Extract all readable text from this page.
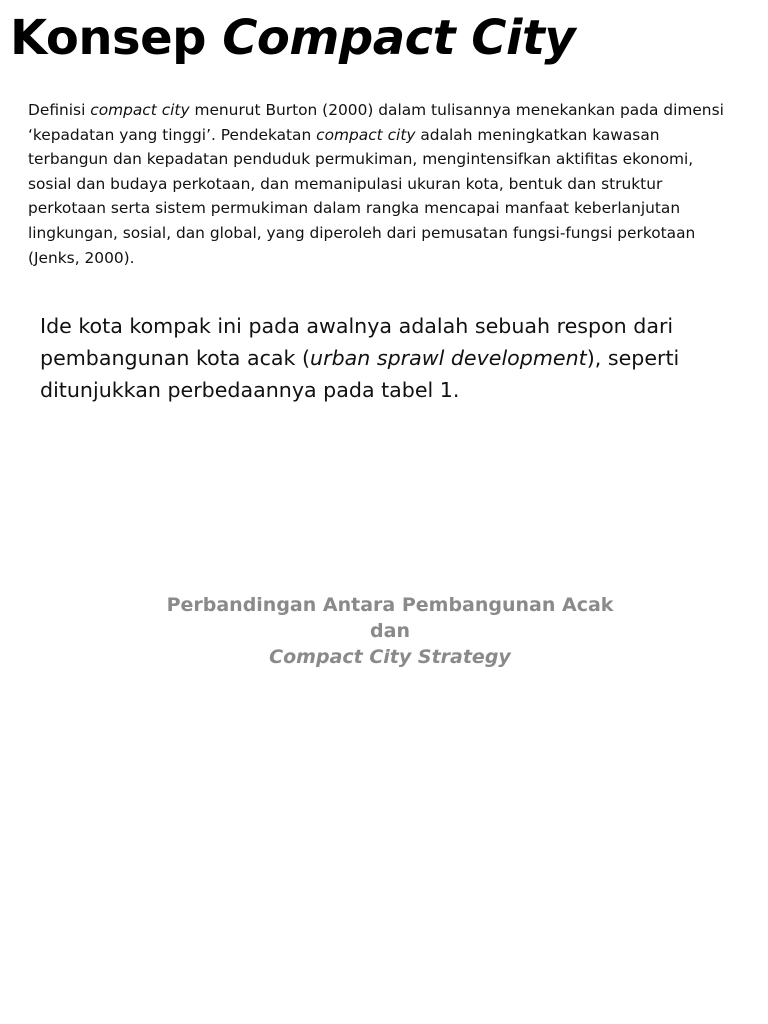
Konsep Compact City

Definisi compact city menurut Burton (2000) dalam tulisannya menekankan pada dimensi ‘kepadatan yang tinggi’. Pendekatan compact city adalah meningkatkan kawasan terbangun dan kepadatan penduduk permukiman, mengintensifkan aktifitas ekonomi, sosial dan budaya perkotaan, dan memanipulasi ukuran kota, bentuk dan struktur perkotaan serta sistem permukiman dalam rangka mencapai manfaat keberlanjutan lingkungan, sosial, dan global, yang diperoleh dari pemusatan fungsi-fungsi perkotaan (Jenks, 2000).

Ide kota kompak ini pada awalnya adalah sebuah respon dari pembangunan kota acak (urban sprawl development), seperti ditunjukkan perbedaannya pada tabel 1.

Perbandingan Antara Pembangunan Acak
dan
Compact City Strategy
